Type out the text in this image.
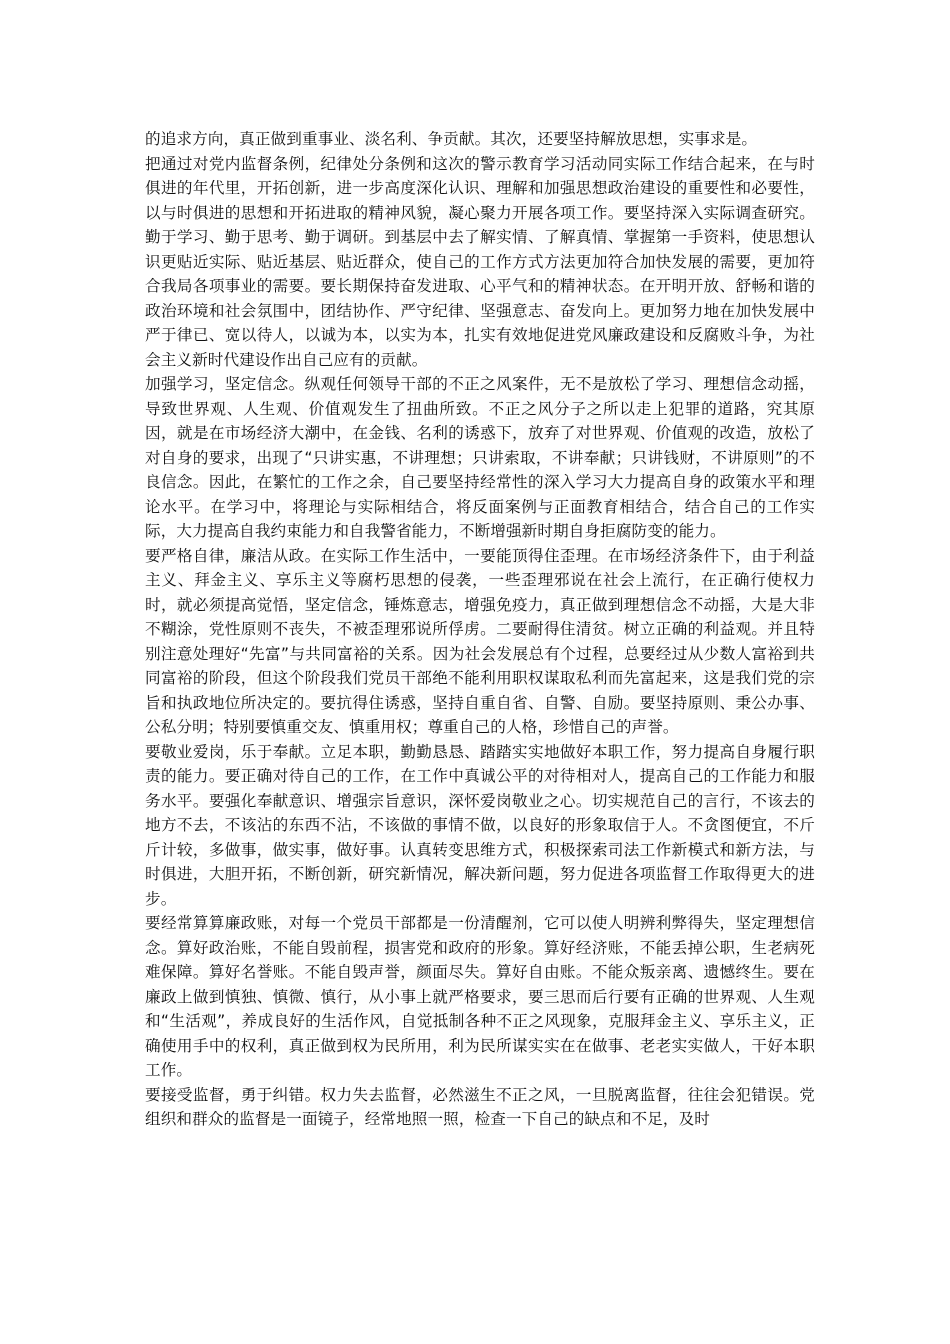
的追求方向，真正做到重事业、淡名利、争贡献。其次，还要坚持解放思想，实事求是。

把通过对党内监督条例，纪律处分条例和这次的警示教育学习活动同实际工作结合起来，在与时俱进的年代里，开拓创新，进一步高度深化认识、理解和加强思想政治建设的重要性和必要性，以与时俱进的思想和开拓进取的精神风貌，凝心聚力开展各项工作。要坚持深入实际调查研究。勤于学习、勤于思考、勤于调研。到基层中去了解实情、了解真情、掌握第一手资料，使思想认识更贴近实际、贴近基层、贴近群众，使自己的工作方式方法更加符合加快发展的需要，更加符合我局各项事业的需要。要长期保持奋发进取、心平气和的精神状态。在开明开放、舒畅和谐的政治环境和社会氛围中，团结协作、严守纪律、坚强意志、奋发向上。更加努力地在加快发展中严于律已、宽以待人，以诚为本，以实为本，扎实有效地促进党风廉政建设和反腐败斗争，为社会主义新时代建设作出自己应有的贡献。

加强学习，坚定信念。纵观任何领导干部的不正之风案件，无不是放松了学习、理想信念动摇，导致世界观、人生观、价值观发生了扭曲所致。不正之风分子之所以走上犯罪的道路，究其原因，就是在市场经济大潮中，在金钱、名利的诱惑下，放弃了对世界观、价值观的改造，放松了对自身的要求，出现了“只讲实惠，不讲理想；只讲索取，不讲奉献；只讲钱财，不讲原则”的不良信念。因此，在繁忙的工作之余，自己要坚持经常性的深入学习大力提高自身的政策水平和理论水平。在学习中，将理论与实际相结合，将反面案例与正面教育相结合，结合自己的工作实际，大力提高自我约束能力和自我警省能力，不断增强新时期自身拒腐防变的能力。

要严格自律，廉洁从政。在实际工作生活中，一要能顶得住歪理。在市场经济条件下，由于利益主义、拜金主义、享乐主义等腐朽思想的侵袭，一些歪理邪说在社会上流行，在正确行使权力时，就必须提高觉悟，坚定信念，锤炼意志，增强免疫力，真正做到理想信念不动摇，大是大非不糊涂，党性原则不丧失，不被歪理邪说所俘虏。二要耐得住清贫。树立正确的利益观。并且特别注意处理好“先富”与共同富裕的关系。因为社会发展总有个过程，总要经过从少数人富裕到共同富裕的阶段，但这个阶段我们党员干部绝不能利用职权谋取私利而先富起来，这是我们党的宗旨和执政地位所决定的。要抗得住诱惑，坚持自重自省、自警、自励。要坚持原则、秉公办事、公私分明；特别要慎重交友、慎重用权；尊重自己的人格，珍惜自己的声誉。

要敬业爱岗，乐于奉献。立足本职，勤勤恳恳、踏踏实实地做好本职工作，努力提高自身履行职责的能力。要正确对待自己的工作，在工作中真诚公平的对待相对人，提高自己的工作能力和服务水平。要强化奉献意识、增强宗旨意识，深怀爱岗敬业之心。切实规范自己的言行，不该去的地方不去，不该沾的东西不沾，不该做的事情不做，以良好的形象取信于人。不贪图便宜，不斤斤计较，多做事，做实事，做好事。认真转变思维方式，积极探索司法工作新模式和新方法，与时俱进，大胆开拓，不断创新，研究新情况，解决新问题，努力促进各项监督工作取得更大的进步。

要经常算算廉政账，对每一个党员干部都是一份清醒剂，它可以使人明辨利弊得失，坚定理想信念。算好政治账，不能自毁前程，损害党和政府的形象。算好经济账，不能丢掉公职，生老病死难保障。算好名誉账。不能自毁声誉，颜面尽失。算好自由账。不能众叛亲离、遗憾终生。要在廉政上做到慎独、慎微、慎行，从小事上就严格要求，要三思而后行要有正确的世界观、人生观和“生活观”，养成良好的生活作风，自觉抵制各种不正之风现象，克服拜金主义、享乐主义，正确使用手中的权利，真正做到权为民所用，利为民所谋实实在在做事、老老实实做人，干好本职工作。

要接受监督，勇于纠错。权力失去监督，必然滋生不正之风，一旦脱离监督，往往会犯错误。党组织和群众的监督是一面镜子，经常地照一照，检查一下自己的缺点和不足，及时
